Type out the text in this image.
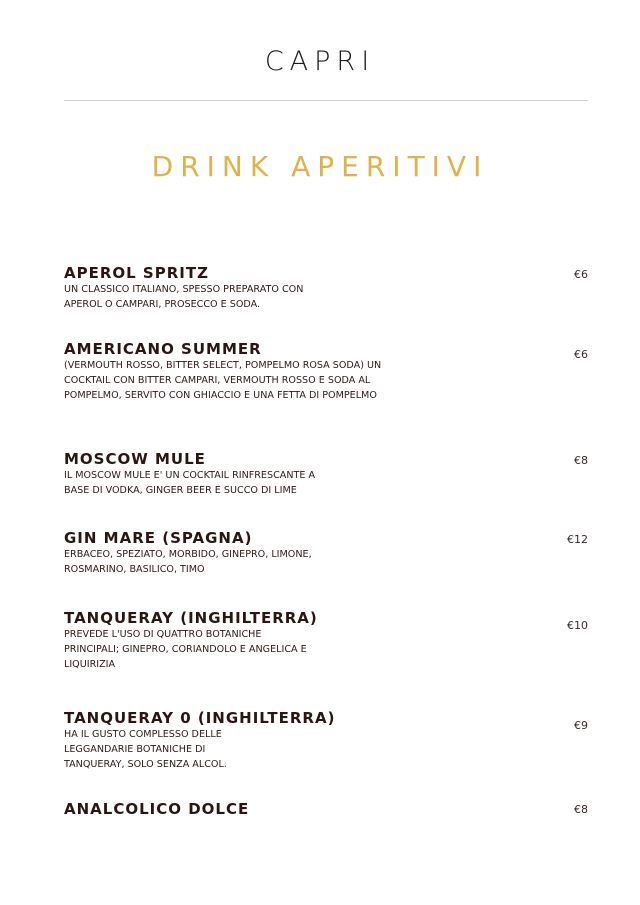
CAPRI
DRINK APERITIVI
APEROL SPRITZ
UN CLASSICO ITALIANO, SPESSO PREPARATO CON APEROL O CAMPARI, PROSECCO E SODA.
€6
AMERICANO SUMMER
(VERMOUTH ROSSO, BITTER SELECT, POMPELMO ROSA SODA) UN COCKTAIL CON BITTER CAMPARI, VERMOUTH ROSSO E SODA AL POMPELMO, SERVITO CON GHIACCIO E UNA FETTA DI POMPELMO
€6
MOSCOW MULE
IL MOSCOW MULE E' UN COCKTAIL RINFRESCANTE A BASE DI VODKA, GINGER BEER E SUCCO DI LIME
€8
GIN MARE (SPAGNA)
ERBACEO, SPEZIATO, MORBIDO, GINEPRO, LIMONE, ROSMARINO, BASILICO, TIMO
€12
TANQUERAY (INGHILTERRA)
PREVEDE L'USO DI QUATTRO BOTANICHE PRINCIPALI; GINEPRO, CORIANDOLO E ANGELICA E LIQUIRIZIA
€10
TANQUERAY 0 (INGHILTERRA)
HA IL GUSTO COMPLESSO DELLE LEGGANDARIE BOTANICHE DI TANQUERAY, SOLO SENZA ALCOL.
€9
ANALCOLICO DOLCE	€8
